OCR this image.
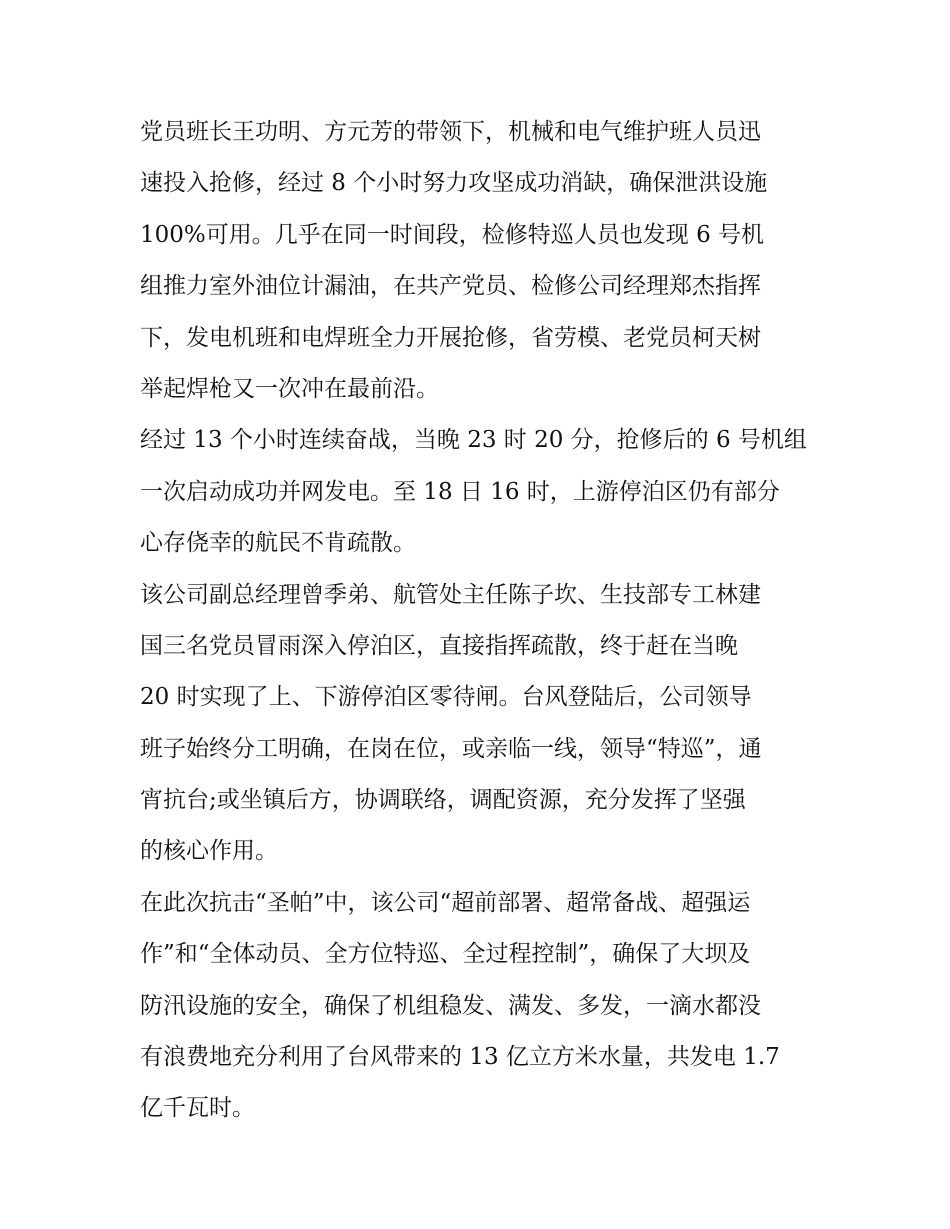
党员班长王功明、方元芳的带领下，机械和电气维护班人员迅
速投入抢修，经过 8 个小时努力攻坚成功消缺，确保泄洪设施
100%可用。几乎在同一时间段，检修特巡人员也发现 6 号机
组推力室外油位计漏油，在共产党员、检修公司经理郑杰指挥
下，发电机班和电焊班全力开展抢修，省劳模、老党员柯天树
举起焊枪又一次冲在最前沿。
经过 13 个小时连续奋战，当晚 23 时 20 分，抢修后的 6 号机组
一次启动成功并网发电。至 18 日 16 时，上游停泊区仍有部分
心存侥幸的航民不肯疏散。
该公司副总经理曾季弟、航管处主任陈子坎、生技部专工林建
国三名党员冒雨深入停泊区，直接指挥疏散，终于赶在当晚
20 时实现了上、下游停泊区零待闸。台风登陆后，公司领导
班子始终分工明确，在岗在位，或亲临一线，领导“特巡”，通
宵抗台;或坐镇后方，协调联络，调配资源，充分发挥了坚强
的核心作用。
在此次抗击“圣帕”中，该公司“超前部署、超常备战、超强运
作”和“全体动员、全方位特巡、全过程控制”，确保了大坝及
防汛设施的安全，确保了机组稳发、满发、多发，一滴水都没
有浪费地充分利用了台风带来的 13 亿立方米水量，共发电 1.7
亿千瓦时。
